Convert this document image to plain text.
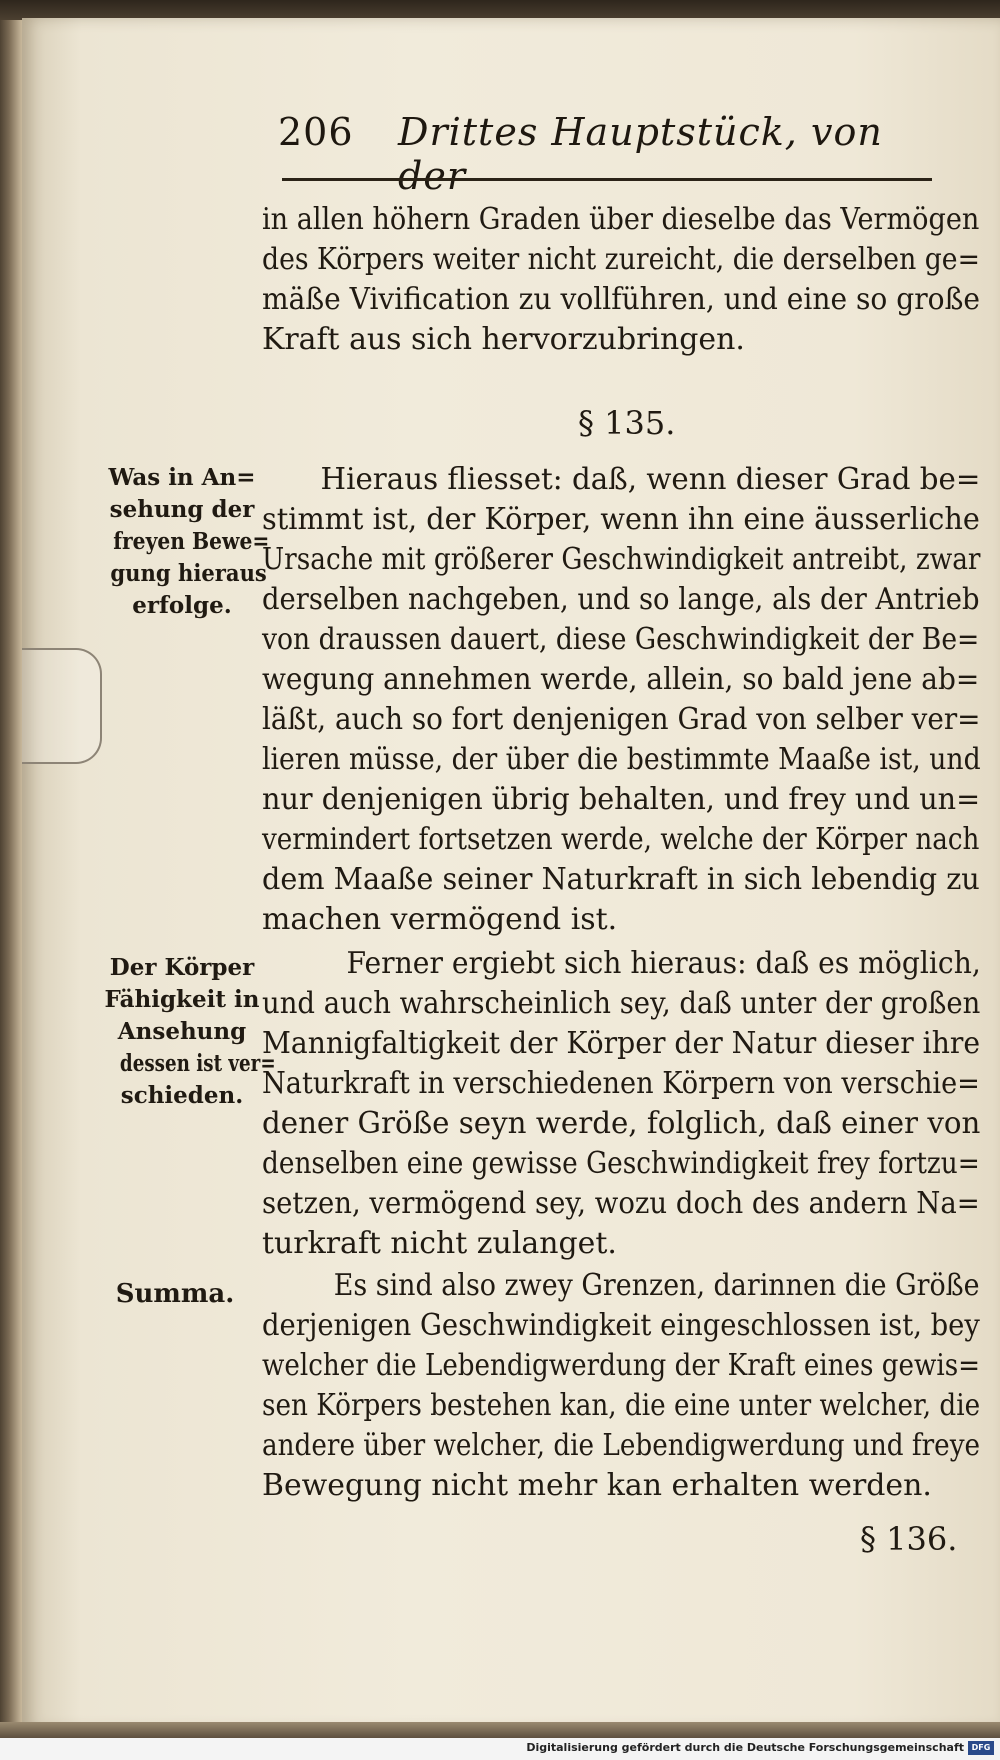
206 Drittes Hauptstück, von der
in allen höhern Graden über dieselbe das Vermögen
des Körpers weiter nicht zureicht, die derselben ge=
mäße Vivification zu vollführen, und eine so große
Kraft aus sich hervorzubringen.
§ 135.
Was in An=
sehung der
freyen Bewe=
gung hieraus
erfolge.
Hieraus fliesset: daß, wenn dieser Grad be=
stimmt ist, der Körper, wenn ihn eine äusserliche
Ursache mit größerer Geschwindigkeit antreibt, zwar
derselben nachgeben, und so lange, als der Antrieb
von draussen dauert, diese Geschwindigkeit der Be=
wegung annehmen werde, allein, so bald jene ab=
läßt, auch so fort denjenigen Grad von selber ver=
lieren müsse, der über die bestimmte Maaße ist, und
nur denjenigen übrig behalten, und frey und un=
vermindert fortsetzen werde, welche der Körper nach
dem Maaße seiner Naturkraft in sich lebendig zu
machen vermögend ist.
Der Körper
Fähigkeit in
Ansehung
dessen ist ver=
schieden.
Ferner ergiebt sich hieraus: daß es möglich,
und auch wahrscheinlich sey, daß unter der großen
Mannigfaltigkeit der Körper der Natur dieser ihre
Naturkraft in verschiedenen Körpern von verschie=
dener Größe seyn werde, folglich, daß einer von
denselben eine gewisse Geschwindigkeit frey fortzu=
setzen, vermögend sey, wozu doch des andern Na=
turkraft nicht zulanget.
Summa.	Es sind also zwey Grenzen, darinnen die Größe
derjenigen Geschwindigkeit eingeschlossen ist, bey
welcher die Lebendigwerdung der Kraft eines gewis=
sen Körpers bestehen kan, die eine unter welcher, die
andere über welcher, die Lebendigwerdung und freye
Bewegung nicht mehr kan erhalten werden.
§ 136.
Digitalisierung gefördert durch die Deutsche Forschungsgemeinschaft DFG
